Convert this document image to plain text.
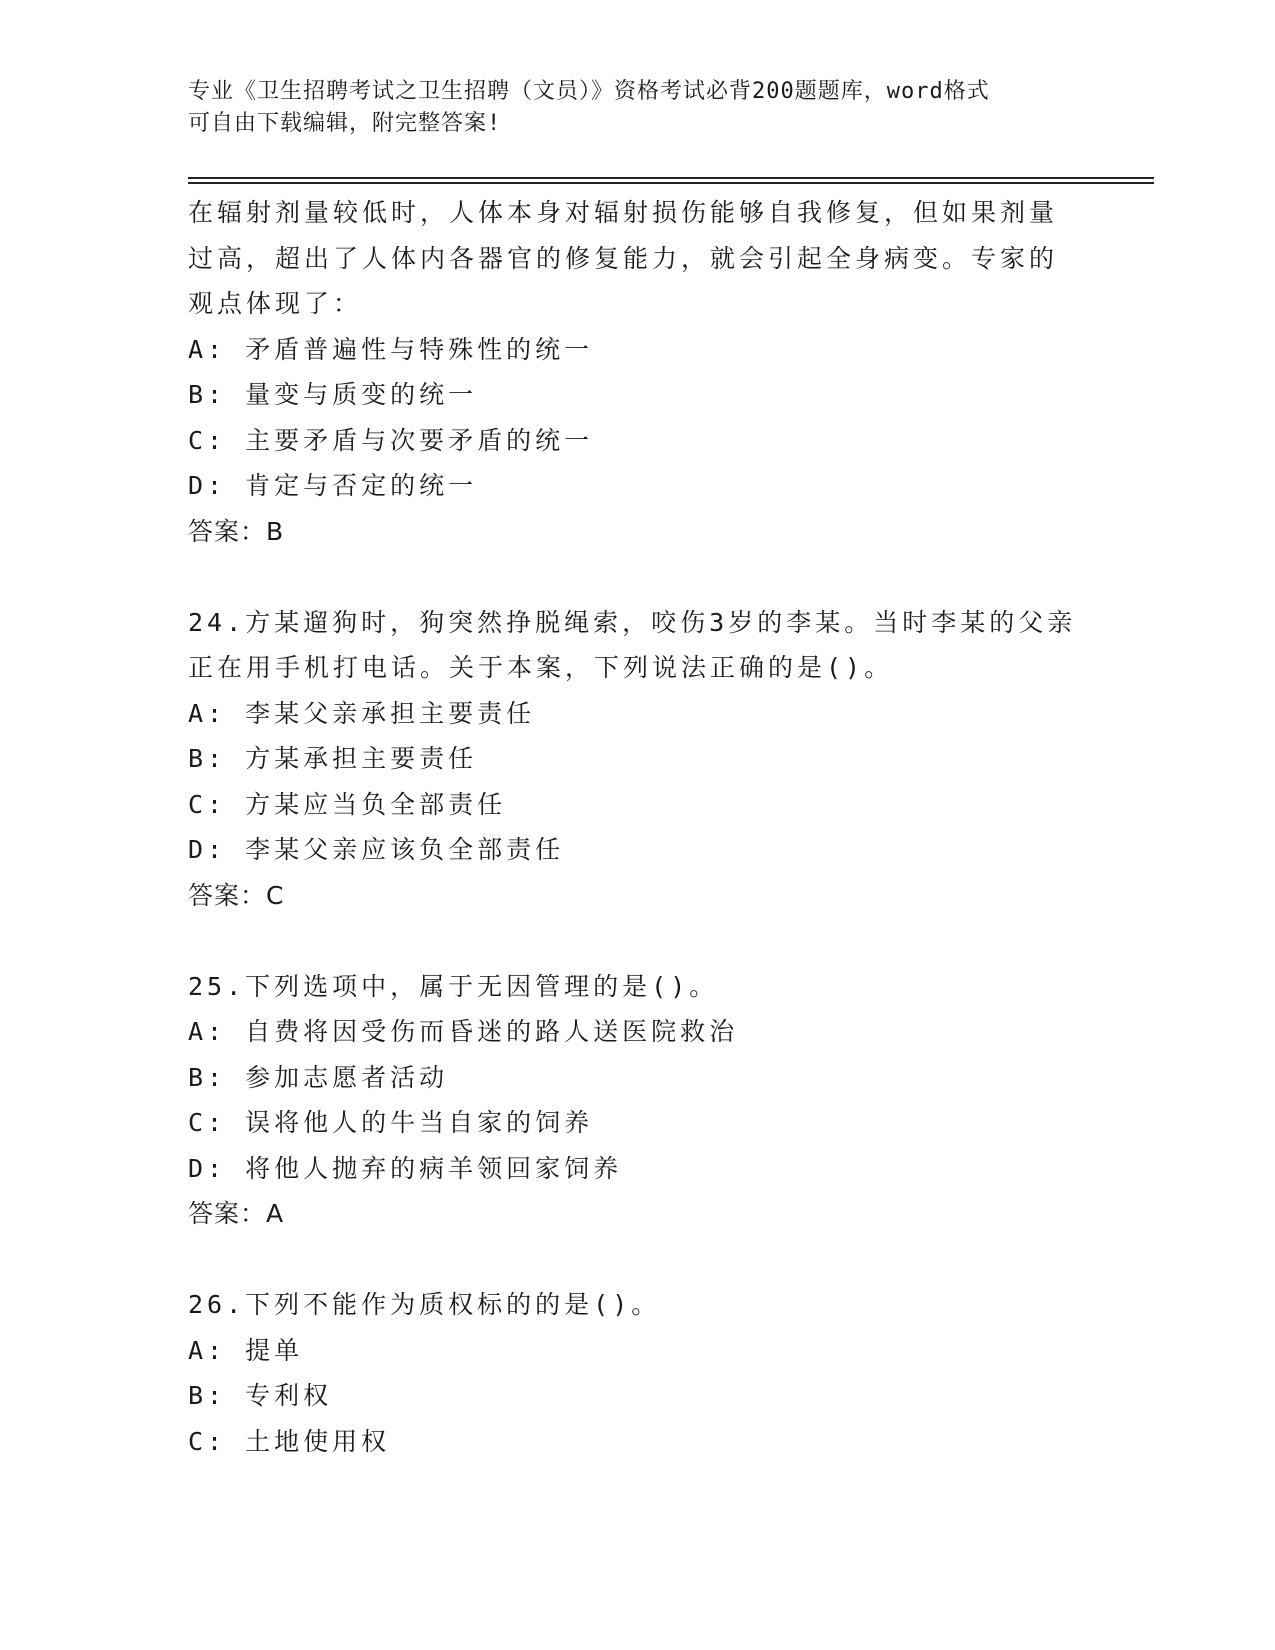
专业《卫生招聘考试之卫生招聘（文员）》资格考试必背200题题库，word格式
可自由下载编辑，附完整答案!
在辐射剂量较低时，人体本身对辐射损伤能够自我修复，但如果剂量
过高，超出了人体内各器官的修复能力，就会引起全身病变。专家的
观点体现了：
A: 矛盾普遍性与特殊性的统一
B: 量变与质变的统一
C: 主要矛盾与次要矛盾的统一
D: 肯定与否定的统一
答案：B
24.方某遛狗时，狗突然挣脱绳索，咬伤3岁的李某。当时李某的父亲
正在用手机打电话。关于本案，下列说法正确的是()。
A: 李某父亲承担主要责任
B: 方某承担主要责任
C: 方某应当负全部责任
D: 李某父亲应该负全部责任
答案：C
25.下列选项中，属于无因管理的是()。
A: 自费将因受伤而昏迷的路人送医院救治
B: 参加志愿者活动
C: 误将他人的牛当自家的饲养
D: 将他人抛弃的病羊领回家饲养
答案：A
26.下列不能作为质权标的的是()。
A: 提单
B: 专利权
C: 土地使用权
